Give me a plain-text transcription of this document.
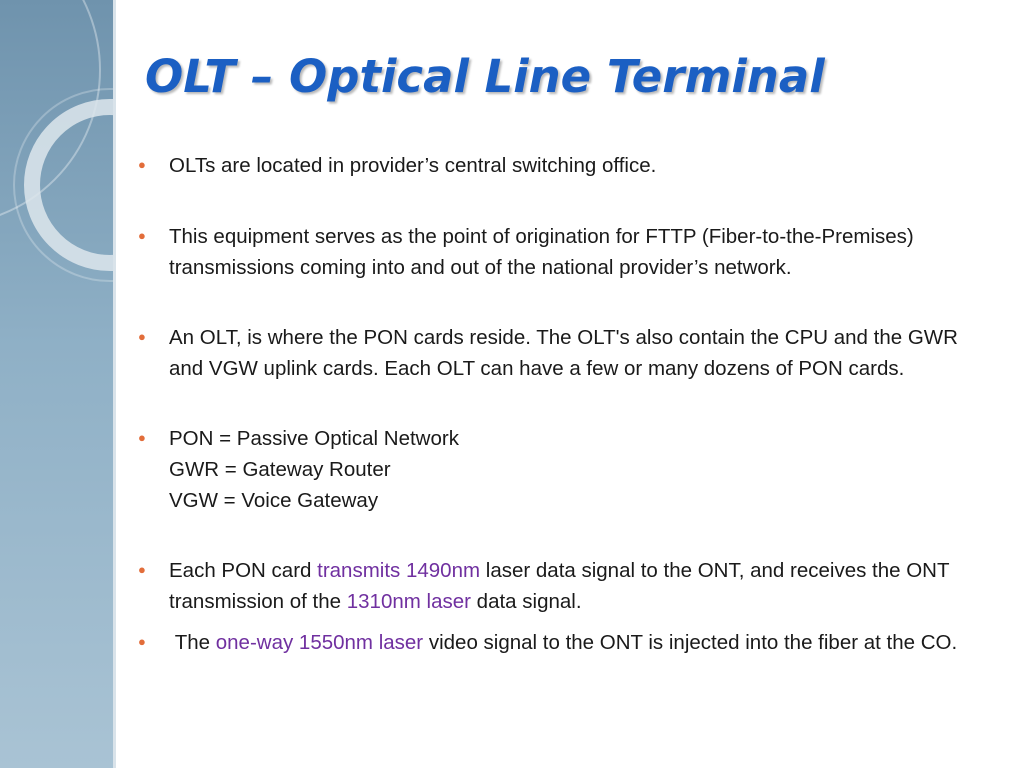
OLT – Optical Line Terminal
● OLTs are located in provider’s central switching office.
● This equipment serves as the point of origination for FTTP (Fiber-to-the-Premises) transmissions coming into and out of the national provider’s network.
● An OLT, is where the PON cards reside. The OLT's also contain the CPU and the GWR and VGW uplink cards. Each OLT can have a few or many dozens of PON cards.
● PON = Passive Optical Network
GWR = Gateway Router
VGW = Voice Gateway
● Each PON card transmits 1490nm laser data signal to the ONT, and receives the ONT transmission of the 1310nm laser data signal.
● The one-way 1550nm laser video signal to the ONT is injected into the fiber at the CO.
